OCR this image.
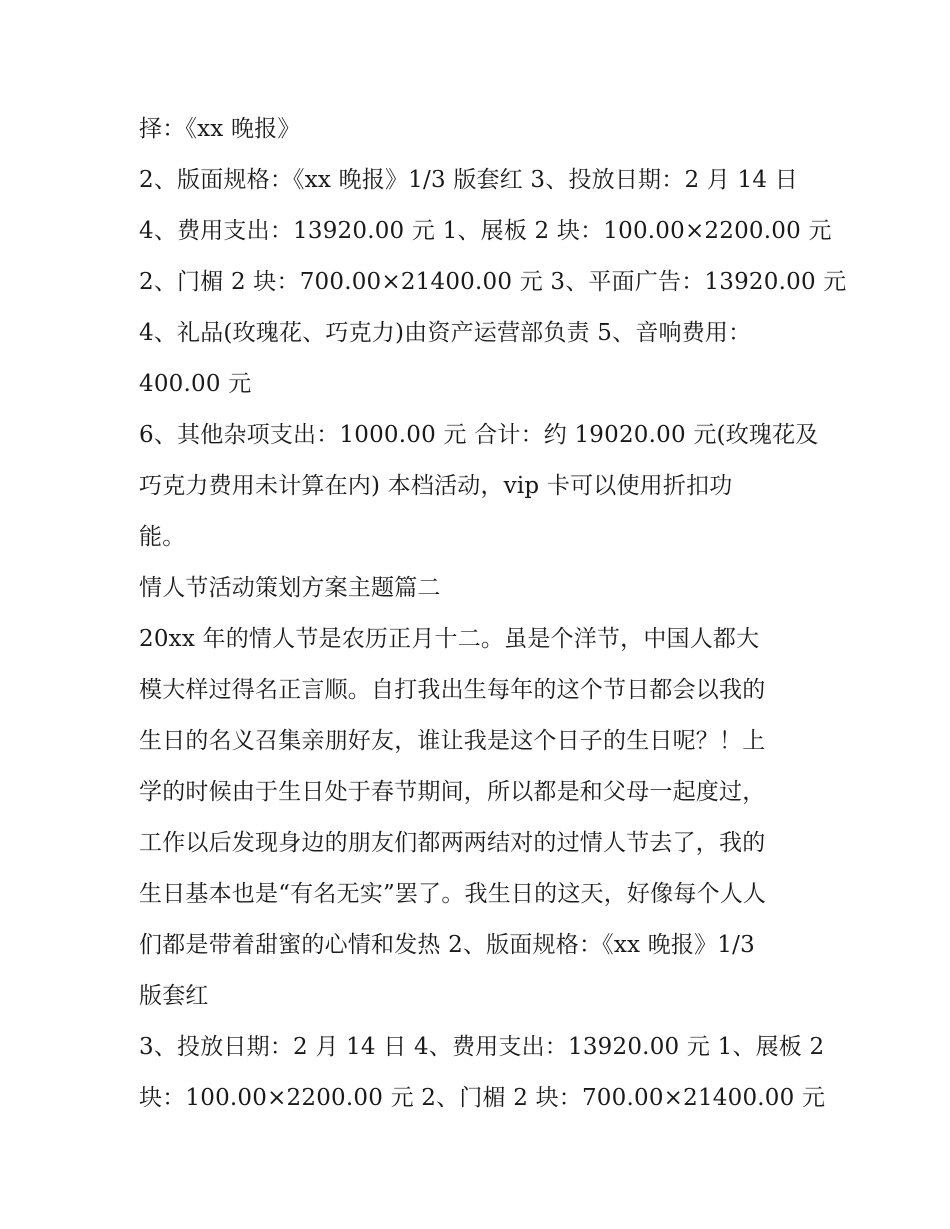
择：《xx 晚报》
2、版面规格：《xx 晚报》1/3 版套红 3、投放日期：2 月 14 日
4、费用支出：13920.00 元 1、展板 2 块：100.00×2200.00 元
2、门楣 2 块：700.00×21400.00 元 3、平面广告：13920.00 元
4、礼品(玫瑰花、巧克力)由资产运营部负责 5、音响费用：
400.00 元
6、其他杂项支出：1000.00 元 合计：约 19020.00 元(玫瑰花及
巧克力费用未计算在内) 本档活动，vip 卡可以使用折扣功
能。
情人节活动策划方案主题篇二
20xx 年的情人节是农历正月十二。虽是个洋节，中国人都大
模大样过得名正言顺。自打我出生每年的这个节日都会以我的
生日的名义召集亲朋好友，谁让我是这个日子的生日呢？！上
学的时候由于生日处于春节期间，所以都是和父母一起度过，
工作以后发现身边的朋友们都两两结对的过情人节去了，我的
生日基本也是“有名无实”罢了。我生日的这天，好像每个人人
们都是带着甜蜜的心情和发热 2、版面规格：《xx 晚报》1/3
版套红
3、投放日期：2 月 14 日 4、费用支出：13920.00 元 1、展板 2
块：100.00×2200.00 元 2、门楣 2 块：700.00×21400.00 元
